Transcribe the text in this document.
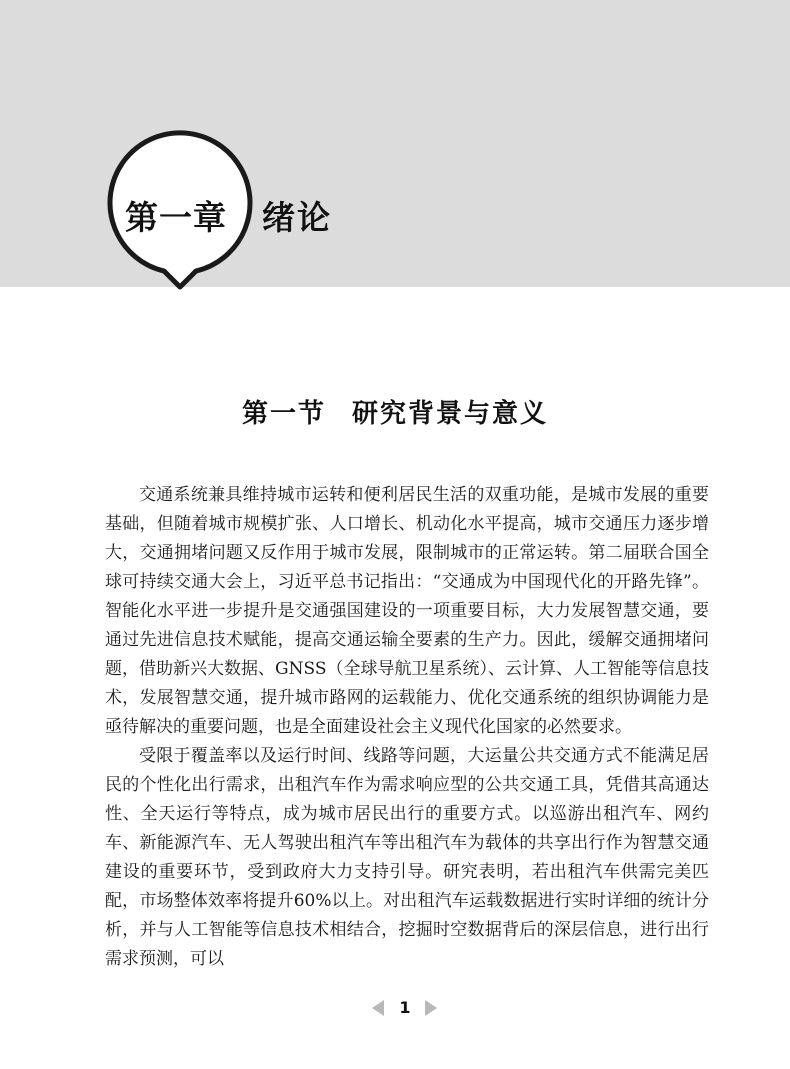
第一章 绪论
第一节 研究背景与意义

交通系统兼具维持城市运转和便利居民生活的双重功能，是城市发展的重要基础，但随着城市规模扩张、人口增长、机动化水平提高，城市交通压力逐步增大，交通拥堵问题又反作用于城市发展，限制城市的正常运转。第二届联合国全球可持续交通大会上，习近平总书记指出：“交通成为中国现代化的开路先锋”。智能化水平进一步提升是交通强国建设的一项重要目标，大力发展智慧交通，要通过先进信息技术赋能，提高交通运输全要素的生产力。因此，缓解交通拥堵问题，借助新兴大数据、GNSS（全球导航卫星系统）、云计算、人工智能等信息技术，发展智慧交通，提升城市路网的运载能力、优化交通系统的组织协调能力是亟待解决的重要问题，也是全面建设社会主义现代化国家的必然要求。

受限于覆盖率以及运行时间、线路等问题，大运量公共交通方式不能满足居民的个性化出行需求，出租汽车作为需求响应型的公共交通工具，凭借其高通达性、全天运行等特点，成为城市居民出行的重要方式。以巡游出租汽车、网约车、新能源汽车、无人驾驶出租汽车等出租汽车为载体的共享出行作为智慧交通建设的重要环节，受到政府大力支持引导。研究表明，若出租汽车供需完美匹配，市场整体效率将提升60%以上。对出租汽车运载数据进行实时详细的统计分析，并与人工智能等信息技术相结合，挖掘时空数据背后的深层信息，进行出行需求预测，可以

1
